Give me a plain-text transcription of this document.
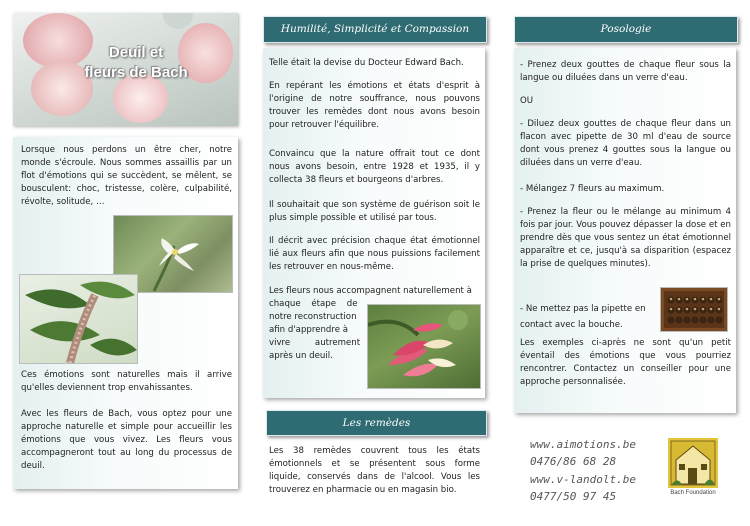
Deuil et
fleurs de Bach
Lorsque nous perdons un être cher, notre monde s'écroule. Nous sommes assaillis par un flot d'émotions qui se succèdent, se mêlent, se bousculent: choc, tristesse, colère, culpabilité, révolte, solitude, …
Ces émotions sont naturelles mais il arrive qu'elles deviennent trop envahissantes.
Avec les fleurs de Bach, vous optez pour une approche naturelle et simple pour accueillir les émotions que vous vivez. Les fleurs vous accompagneront tout au long du processus de deuil.
Humilité, Simplicité et Compassion
Telle était la devise du Docteur Edward Bach.
En repérant les émotions et états d'esprit à l'origine de notre souffrance, nous pouvons trouver les remèdes dont nous avons besoin pour retrouver l'équilibre.
Convaincu que la nature offrait tout ce dont nous avons besoin, entre 1928 et 1935, il y collecta 38 fleurs et bourgeons d'arbres.
Il souhaitait que son système de guérison soit le plus simple possible et utilisé par tous.
Il décrit avec précision chaque état émotionnel lié aux fleurs afin que nous puissions facilement les retrouver en nous-même.
Les fleurs nous accompagnent naturellement à
chaque étape de
notre reconstruction
afin d'apprendre à
vivre autrement
après un deuil.
Les remèdes
Les 38 remèdes couvrent tous les états émotionnels et se présentent sous forme liquide, conservés dans de l'alcool. Vous les trouverez en pharmacie ou en magasin bio.
Posologie
- Prenez deux gouttes de chaque fleur sous la langue ou diluées dans un verre d'eau.
OU
- Diluez deux gouttes de chaque fleur dans un flacon avec pipette de 30 ml d'eau de source dont vous prenez 4 gouttes sous la langue ou diluées dans un verre d'eau.
- Mélangez 7 fleurs au maximum.
- Prenez la fleur ou le mélange au minimum 4 fois par jour. Vous pouvez dépasser la dose et en prendre dès que vous sentez un état émotionnel apparaître et ce, jusqu'à sa disparition (espacez la prise de quelques minutes).
- Ne mettez pas la pipette en
contact avec la bouche.
Les exemples ci-après ne sont qu'un petit éventail des émotions que vous pourriez rencontrer. Contactez un conseiller pour une approche personnalisée.
www.aimotions.be
0476/86 68 28
www.v-landolt.be
0477/50 97 45	Bach Foundation
